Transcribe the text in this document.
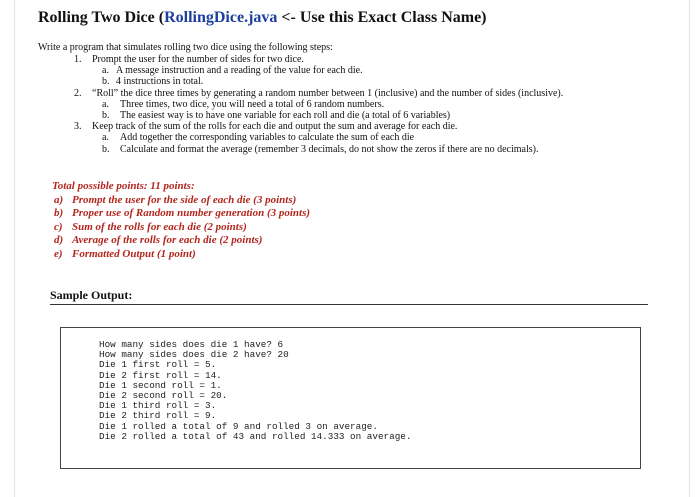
Rolling Two Dice (RollingDice.java <- Use this Exact Class Name)
Write a program that simulates rolling two dice using the following steps:
1. Prompt the user for the number of sides for two dice.
a. A message instruction and a reading of the value for each die.
b. 4 instructions in total.
2. “Roll” the dice three times by generating a random number between 1 (inclusive) and the number of sides (inclusive).
a. Three times, two dice, you will need a total of 6 random numbers.
b. The easiest way is to have one variable for each roll and die (a total of 6 variables)
3. Keep track of the sum of the rolls for each die and output the sum and average for each die.
a. Add together the corresponding variables to calculate the sum of each die
b. Calculate and format the average (remember 3 decimals, do not show the zeros if there are no decimals).
Total possible points: 11 points:
a) Prompt the user for the side of each die (3 points)
b) Proper use of Random number generation (3 points)
c) Sum of the rolls for each die (2 points)
d) Average of the rolls for each die (2 points)
e) Formatted Output (1 point)
Sample Output:
How many sides does die 1 have? 6
How many sides does die 2 have? 20
Die 1 first roll = 5.
Die 2 first roll = 14.
Die 1 second roll = 1.
Die 2 second roll = 20.
Die 1 third roll = 3.
Die 2 third roll = 9.
Die 1 rolled a total of 9 and rolled 3 on average.
Die 2 rolled a total of 43 and rolled 14.333 on average.
